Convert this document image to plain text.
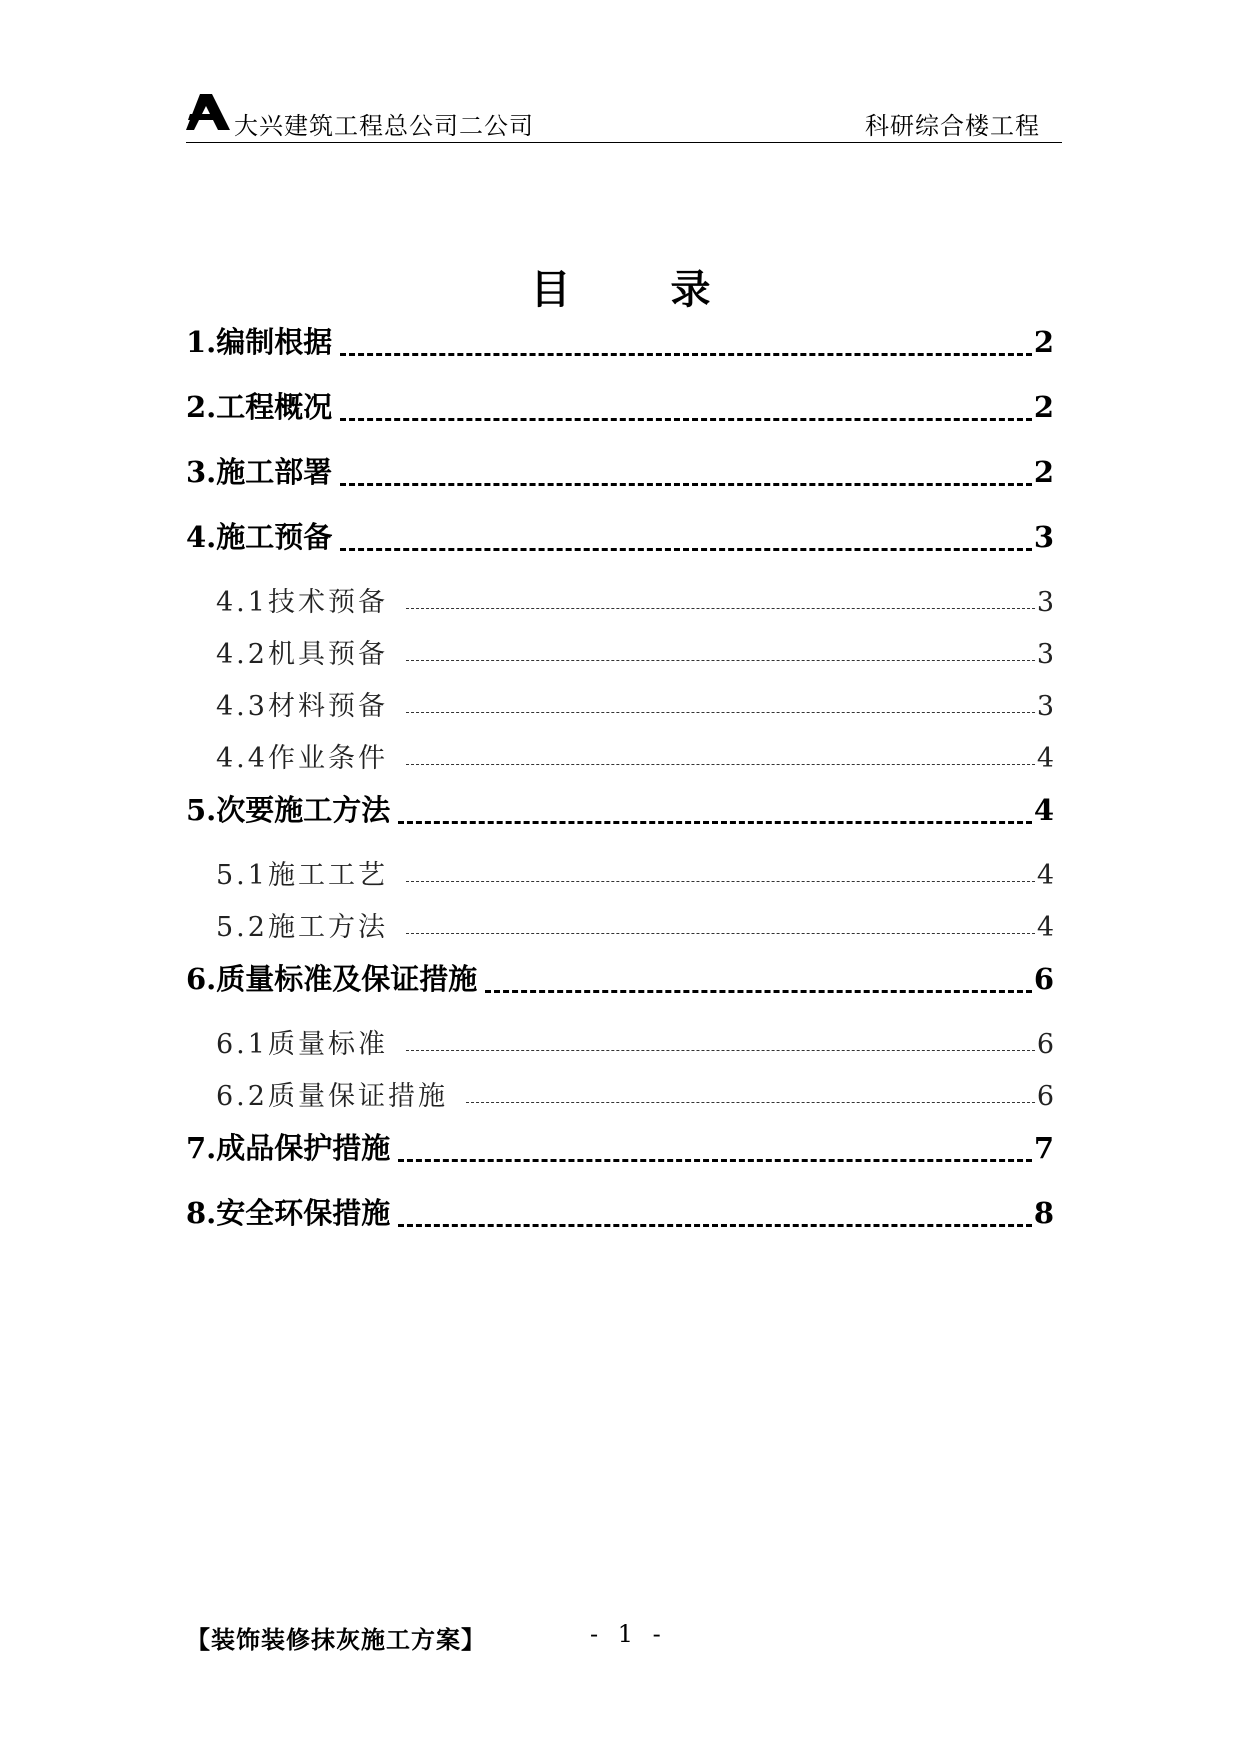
大兴建筑工程总公司二公司	科研综合楼工程
目	录
1.编制根据	2
2.工程概况	2
3.施工部署	2
4.施工预备	3
4.1技术预备	3
4.2机具预备	3
4.3材料预备	3
4.4作业条件	4
5.次要施工方法	4
5.1施工工艺	4
5.2施工方法	4
6.质量标准及保证措施	6
6.1质量标准	6
6.2质量保证措施	6
7.成品保护措施	7
8.安全环保措施	8
【装饰装修抹灰施工方案】	- 1 -
